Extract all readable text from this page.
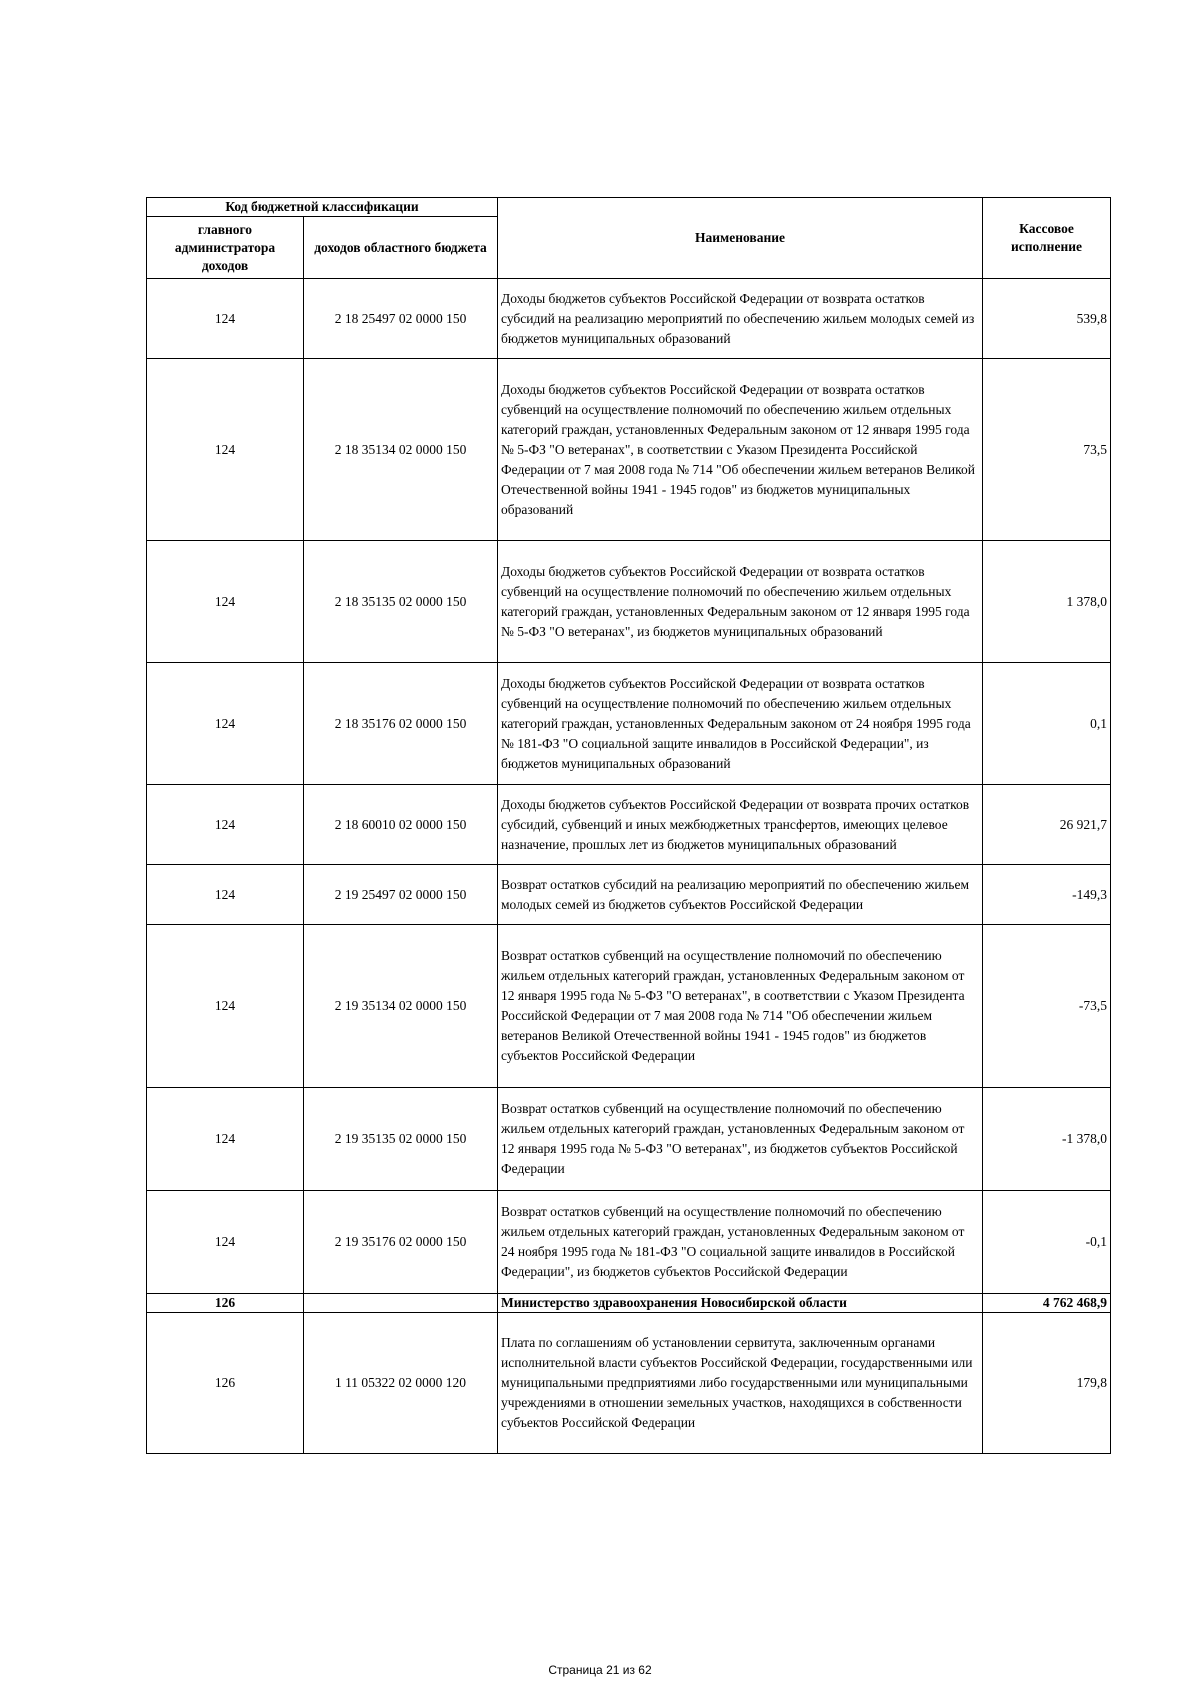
Код бюджетной классификации		Наименование	Кассовое исполнение
главного администратора доходов	доходов областного бюджета		
124	2 18 25497 02 0000 150	Доходы бюджетов субъектов Российской Федерации от возврата остатков субсидий на реализацию мероприятий по обеспечению жильем молодых семей из бюджетов муниципальных образований	539,8
124	2 18 35134 02 0000 150	Доходы бюджетов субъектов Российской Федерации от возврата остатков субвенций на осуществление полномочий по обеспечению жильем отдельных категорий граждан, установленных Федеральным законом от 12 января 1995 года № 5-ФЗ "О ветеранах", в соответствии с Указом Президента Российской Федерации от 7 мая 2008 года № 714 "Об обеспечении жильем ветеранов Великой Отечественной войны 1941 - 1945 годов" из бюджетов муниципальных образований	73,5
124	2 18 35135 02 0000 150	Доходы бюджетов субъектов Российской Федерации от возврата остатков субвенций на осуществление полномочий по обеспечению жильем отдельных категорий граждан, установленных Федеральным законом от 12 января 1995 года № 5-ФЗ "О ветеранах", из бюджетов муниципальных образований	1 378,0
124	2 18 35176 02 0000 150	Доходы бюджетов субъектов Российской Федерации от возврата остатков субвенций на осуществление полномочий по обеспечению жильем отдельных категорий граждан, установленных Федеральным законом от 24 ноября 1995 года № 181-ФЗ "О социальной защите инвалидов в Российской Федерации", из бюджетов муниципальных образований	0,1
124	2 18 60010 02 0000 150	Доходы бюджетов субъектов Российской Федерации от возврата прочих остатков субсидий, субвенций и иных межбюджетных трансфертов, имеющих целевое назначение, прошлых лет из бюджетов муниципальных образований	26 921,7
124	2 19 25497 02 0000 150	Возврат остатков субсидий на реализацию мероприятий по обеспечению жильем молодых семей из бюджетов субъектов Российской Федерации	-149,3
124	2 19 35134 02 0000 150	Возврат остатков субвенций на осуществление полномочий по обеспечению жильем отдельных категорий граждан, установленных Федеральным законом от 12 января 1995 года № 5-ФЗ "О ветеранах", в соответствии с Указом Президента Российской Федерации от 7 мая 2008 года № 714 "Об обеспечении жильем ветеранов Великой Отечественной войны 1941 - 1945 годов" из бюджетов субъектов Российской Федерации	-73,5
124	2 19 35135 02 0000 150	Возврат остатков субвенций на осуществление полномочий по обеспечению жильем отдельных категорий граждан, установленных Федеральным законом от 12 января 1995 года № 5-ФЗ "О ветеранах", из бюджетов субъектов Российской Федерации	-1 378,0
124	2 19 35176 02 0000 150	Возврат остатков субвенций на осуществление полномочий по обеспечению жильем отдельных категорий граждан, установленных Федеральным законом от 24 ноября 1995 года № 181-ФЗ "О социальной защите инвалидов в Российской Федерации", из бюджетов субъектов Российской Федерации	-0,1
126		Министерство здравоохранения Новосибирской области	4 762 468,9
126	1 11 05322 02 0000 120	Плата по соглашениям об установлении сервитута, заключенным органами исполнительной власти субъектов Российской Федерации, государственными или муниципальными предприятиями либо государственными или муниципальными учреждениями в отношении земельных участков, находящихся в собственности субъектов Российской Федерации	179,8
Страница 21 из 62
